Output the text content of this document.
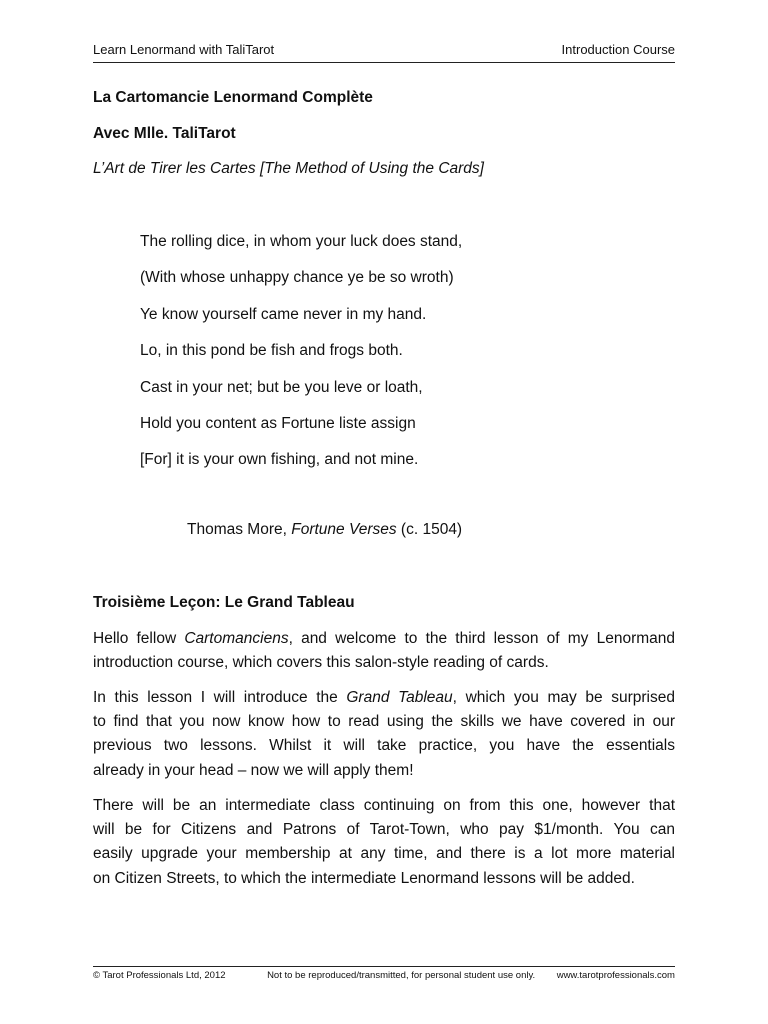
Learn Lenormand with TaliTarot	Introduction Course
La Cartomancie Lenormand Complète
Avec Mlle. TaliTarot
L’Art de Tirer les Cartes [The Method of Using the Cards]
The rolling dice, in whom your luck does stand,
(With whose unhappy chance ye be so wroth)
Ye know yourself came never in my hand.
Lo, in this pond be fish and frogs both.
Cast in your net; but be you leve or loath,
Hold you content as Fortune liste assign
[For] it is your own fishing, and not mine.
Thomas More, Fortune Verses (c. 1504)
Troisième Leçon: Le Grand Tableau
Hello fellow Cartomanciens, and welcome to the third lesson of my Lenormand
introduction course, which covers this salon-style reading of cards.
In this lesson I will introduce the Grand Tableau, which you may be surprised
to find that you now know how to read using the skills we have covered in our
previous two lessons. Whilst it will take practice, you have the essentials
already in your head – now we will apply them!
There will be an intermediate class continuing on from this one, however that
will be for Citizens and Patrons of Tarot-Town, who pay $1/month. You can
easily upgrade your membership at any time, and there is a lot more material
on Citizen Streets, to which the intermediate Lenormand lessons will be added.
© Tarot Professionals Ltd, 2012	Not to be reproduced/transmitted, for personal student use only. www.tarotprofessionals.com
